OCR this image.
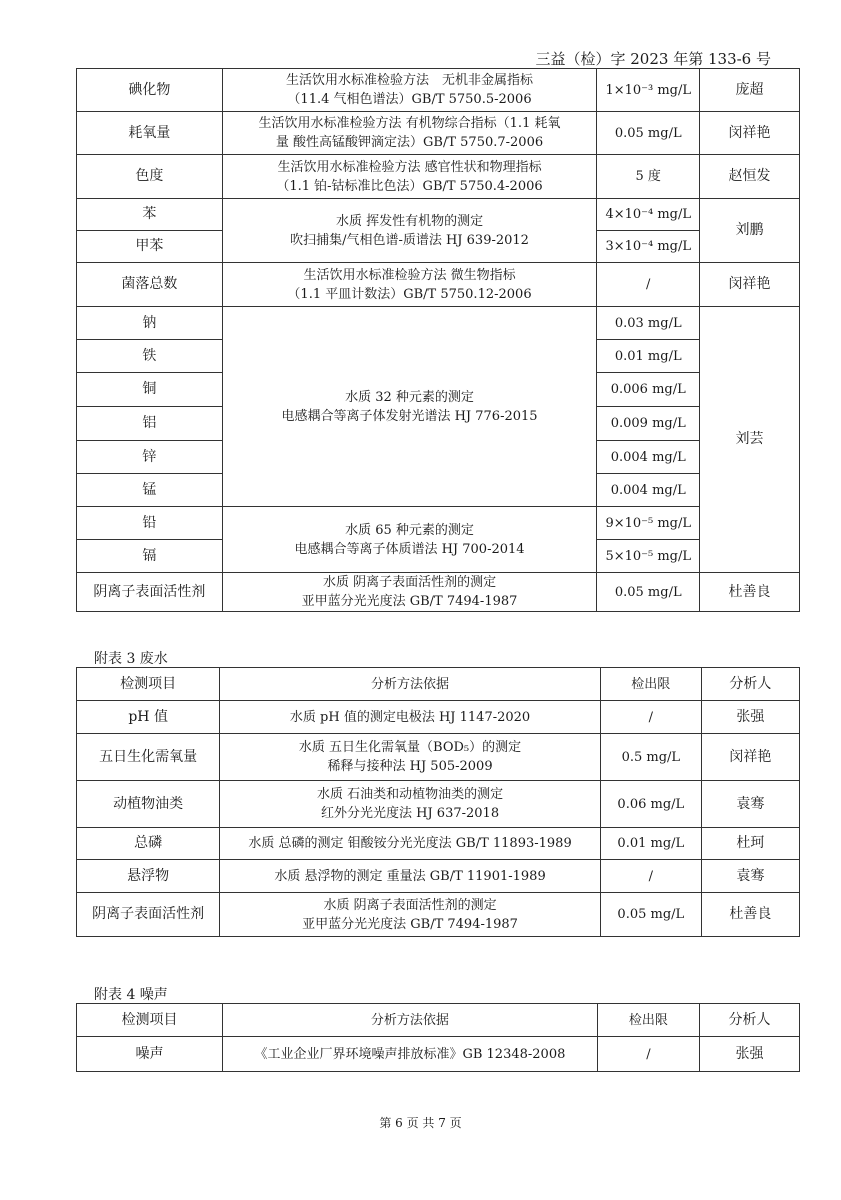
三益（检）字 2023 年第 133-6 号
碘化物	生活饮用水标准检验方法　无机非金属指标
（11.4 气相色谱法）GB/T 5750.5-2006	1×10⁻³ mg/L	庞超
耗氧量	生活饮用水标准检验方法 有机物综合指标（1.1 耗氧
量 酸性高锰酸钾滴定法）GB/T 5750.7-2006	0.05 mg/L	闵祥艳
色度	生活饮用水标准检验方法 感官性状和物理指标
（1.1 铂-钴标准比色法）GB/T 5750.4-2006	5 度	赵恒发
苯	水质 挥发性有机物的测定
吹扫捕集/气相色谱-质谱法 HJ 639-2012	4×10⁻⁴ mg/L	刘鹏
甲苯		3×10⁻⁴ mg/L	
菌落总数	生活饮用水标准检验方法 微生物指标
（1.1 平皿计数法）GB/T 5750.12-2006	/	闵祥艳
钠	水质 32 种元素的测定
电感耦合等离子体发射光谱法 HJ 776-2015	0.03 mg/L	刘芸
铁		0.01 mg/L	
铜		0.006 mg/L	
铝		0.009 mg/L	
锌		0.004 mg/L	
锰		0.004 mg/L	
铅	水质 65 种元素的测定
电感耦合等离子体质谱法 HJ 700-2014	9×10⁻⁵ mg/L	
镉		5×10⁻⁵ mg/L	
阴离子表面活性剂	水质 阴离子表面活性剂的测定
亚甲蓝分光光度法 GB/T 7494-1987	0.05 mg/L	杜善良
附表 3 废水
检测项目	分析方法依据	检出限	分析人
pH 值	水质 pH 值的测定电极法 HJ 1147-2020	/	张强
五日生化需氧量	水质 五日生化需氧量（BOD₅）的测定
稀释与接种法 HJ 505-2009	0.5 mg/L	闵祥艳
动植物油类	水质 石油类和动植物油类的测定
红外分光光度法 HJ 637-2018	0.06 mg/L	袁骞
总磷	水质 总磷的测定 钼酸铵分光光度法 GB/T 11893-1989	0.01 mg/L	杜珂
悬浮物	水质 悬浮物的测定 重量法 GB/T 11901-1989	/	袁骞
阴离子表面活性剂	水质 阴离子表面活性剂的测定
亚甲蓝分光光度法 GB/T 7494-1987	0.05 mg/L	杜善良
附表 4 噪声
检测项目	分析方法依据	检出限	分析人
噪声	《工业企业厂界环境噪声排放标准》GB 12348-2008	/	张强
第 6 页 共 7 页
